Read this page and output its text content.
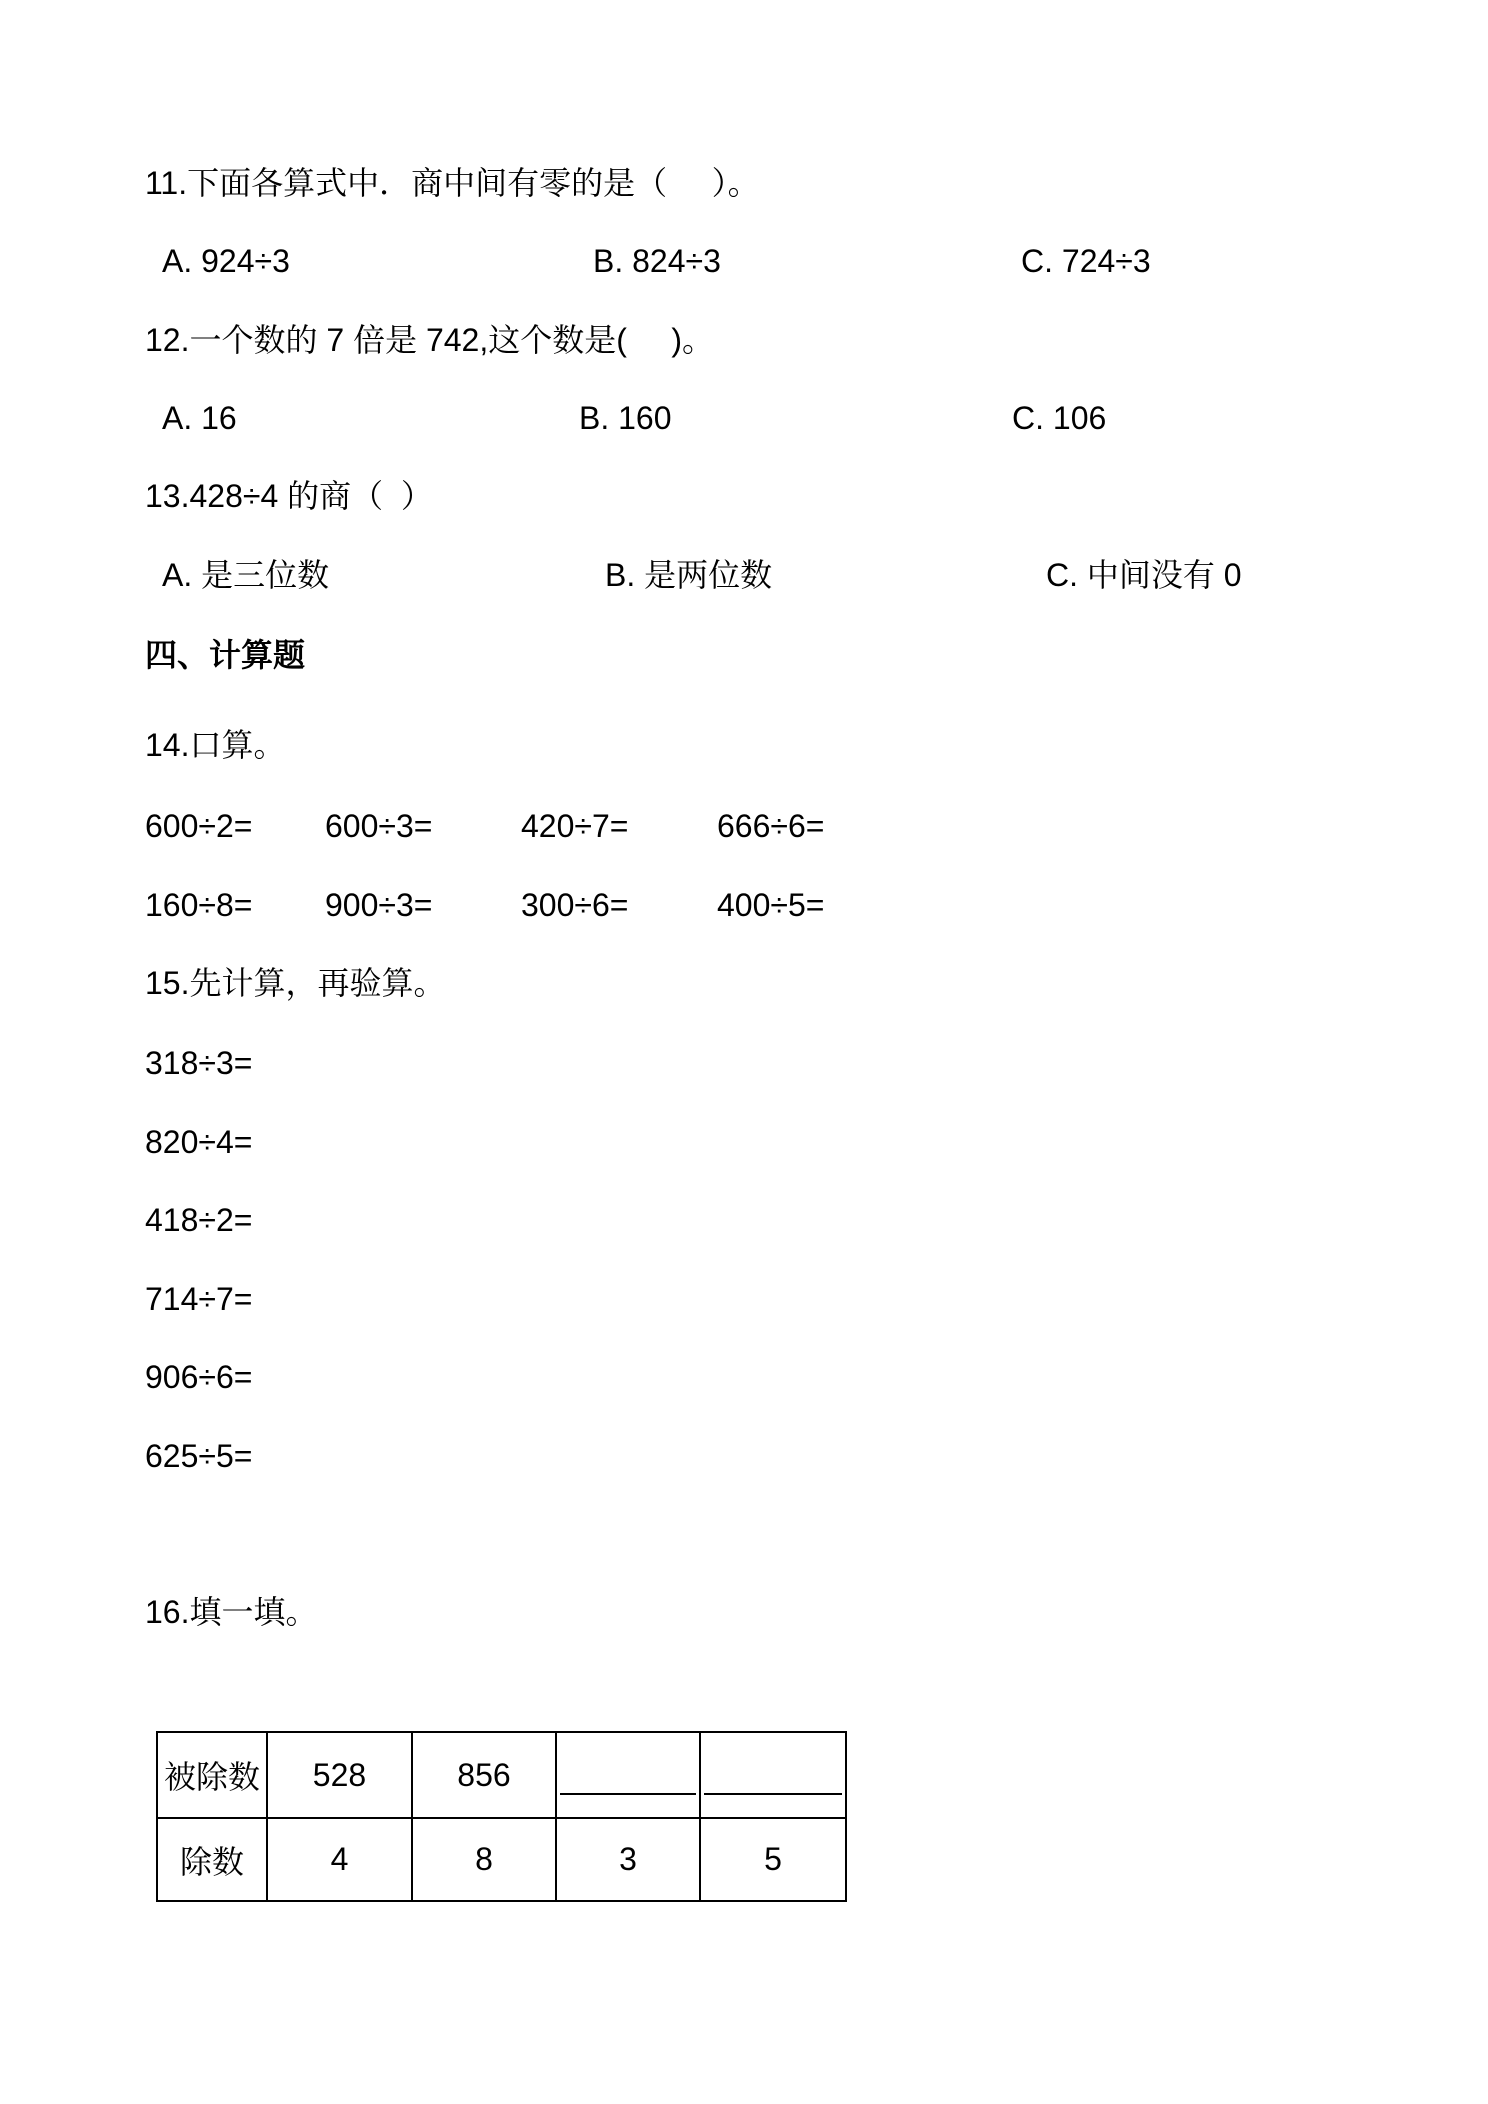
11.下面各算式中．商中间有零的是（     ）。
A. 924÷3	B. 824÷3	C. 724÷3
12.一个数的 7 倍是 742,这个数是(     )。
A. 16	B. 160	C. 106
13.428÷4 的商（  ）
A. 是三位数	B. 是两位数	C. 中间没有 0
四、计算题
14.口算。
600÷2= 600÷3=	420÷7=	666÷6=
160÷8= 900÷3=	300÷6=	400÷5=
15.先计算，再验算。
318÷3=
820÷4=
418÷2=
714÷7=
906÷6=
625÷5=
16.填一填。
被除数	528	856	

除数	4	8	3	5
